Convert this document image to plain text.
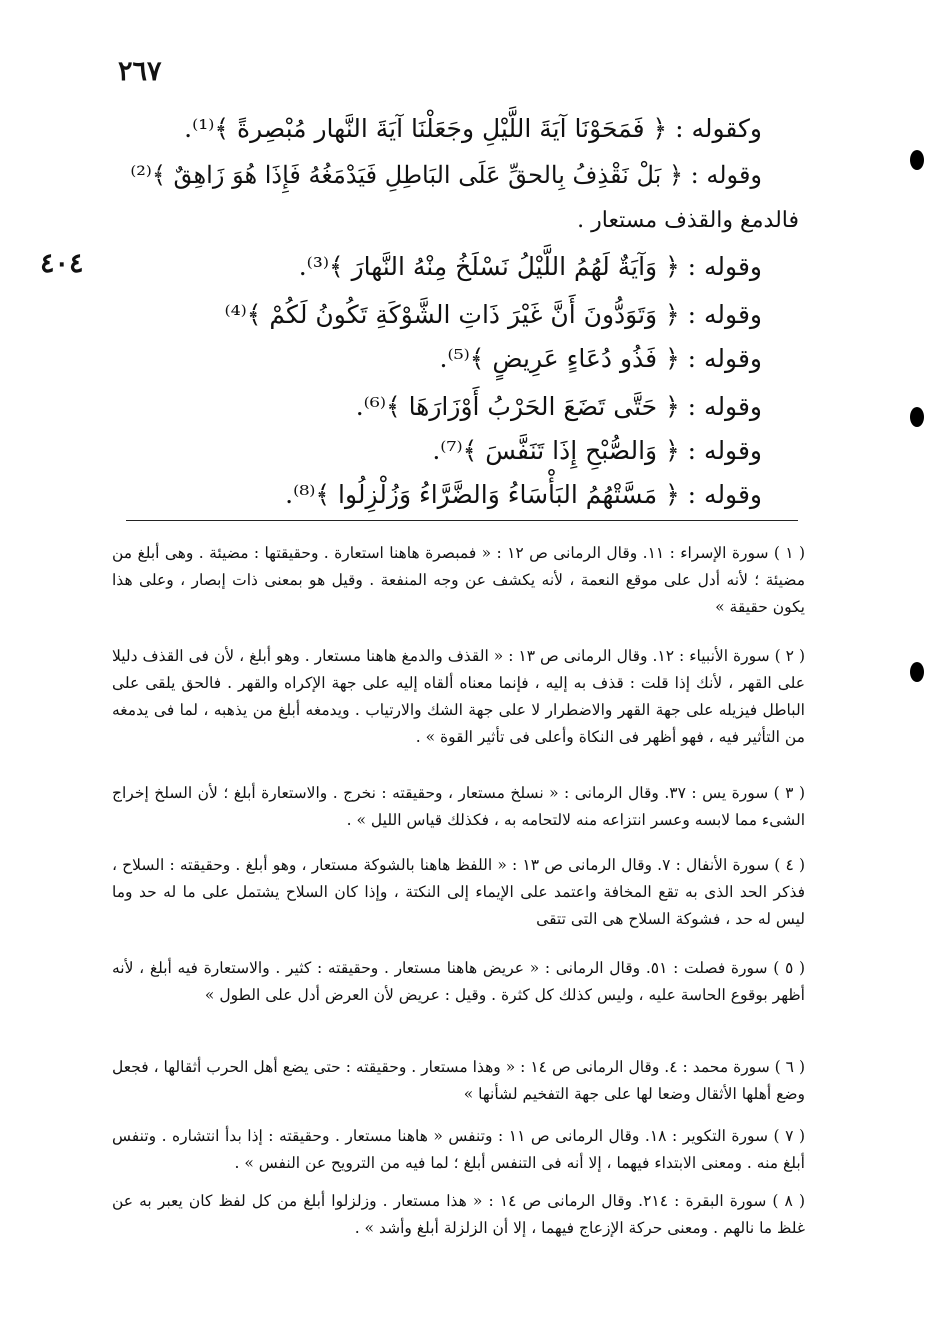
٢٦٧
٤٠٤
وكقوله : ﴿ فَمَحَوْنَا آيَةَ اللَّيْلِ وجَعَلْنَا آيَةَ النَّهار مُبْصِرةً ﴾⁽¹⁾.
وقوله : ﴿ بَلْ نَقْذِفُ بِالحقِّ عَلَى البَاطِلِ فَيَدْمَغُهُ فَإِذَا هُوَ زَاهِقٌ ﴾⁽²⁾
فالدمغ والقذف مستعار .
وقوله : ﴿ وَآيَةٌ لَهُمُ اللَّيْلُ نَسْلَخُ مِنْهُ النَّهارَ ﴾⁽³⁾.
وقوله : ﴿ وَتَوَدُّونَ أَنَّ غَيْرَ ذَاتِ الشَّوْكَةِ تَكُونُ لَكُمْ ﴾⁽⁴⁾
وقوله : ﴿ فَذُو دُعَاءٍ عَرِيضٍ ﴾⁽⁵⁾.
وقوله : ﴿ حَتَّى تَضَعَ الحَرْبُ أَوْزَارَهَا ﴾⁽⁶⁾.
وقوله : ﴿ وَالصُّبْحِ إِذَا تَنَفَّسَ ﴾⁽⁷⁾.
وقوله : ﴿ مَسَّتْهُمُ البَأْسَاءُ وَالضَّرَّاءُ وَزُلْزِلُوا ﴾⁽⁸⁾.
( ١ ) سورة الإسراء : ١١. وقال الرمانى ص ١٢ : « فمبصرة هاهنا استعارة . وحقيقتها : مضيئة . وهى أبلغ من مضيئة ؛ لأنه أدل على موقع النعمة ، لأنه يكشف عن وجه المنفعة . وقيل هو بمعنى ذات إبصار ، وعلى هذا يكون حقيقة »
( ٢ ) سورة الأنبياء : ١٢. وقال الرمانى ص ١٣ : « القذف والدمغ هاهنا مستعار . وهو أبلغ ، لأن فى القذف دليلا على القهر ، لأنك إذا قلت : قذف به إليه ، فإنما معناه ألقاه إليه على جهة الإكراه والقهر . فالحق يلقى على الباطل فيزيله على جهة القهر والاضطرار لا على جهة الشك والارتياب . ويدمغه أبلغ من يذهبه ، لما فى يدمغه من التأثير فيه ، فهو أظهر فى النكاة وأعلى فى تأثير القوة » .
( ٣ ) سورة يس : ٣٧. وقال الرمانى : « نسلخ مستعار ، وحقيقته : نخرج . والاستعارة أبلغ ؛ لأن السلخ إخراج الشىء مما لابسه وعسر انتزاعه منه لالتحامه به ، فكذلك قياس الليل » .
( ٤ ) سورة الأنفال : ٧. وقال الرمانى ص ١٣ : « اللفظ هاهنا بالشوكة مستعار ، وهو أبلغ . وحقيقته : السلاح ، فذكر الحد الذى به تقع المخافة واعتمد على الإيماء إلى النكتة ، وإذا كان السلاح يشتمل على ما له حد وما ليس له حد ، فشوكة السلاح هى التى تتقى
( ٥ ) سورة فصلت : ٥١. وقال الرمانى : « عريض هاهنا مستعار . وحقيقته : كثير . والاستعارة فيه أبلغ ، لأنه أظهر بوقوع الحاسة عليه ، وليس كذلك كل كثرة . وقيل : عريض لأن العرض أدل على الطول »
( ٦ ) سورة محمد : ٤. وقال الرمانى ص ١٤ : « وهذا مستعار . وحقيقته : حتى يضع أهل الحرب أثقالها ، فجعل وضع أهلها الأثقال وضعا لها على جهة التفخيم لشأنها »
( ٧ ) سورة التكوير : ١٨. وقال الرمانى ص ١١ : وتنفس « هاهنا مستعار . وحقيقته : إذا بدأ انتشاره . وتنفس أبلغ منه . ومعنى الابتداء فيهما ، إلا أنه فى التنفس أبلغ ؛ لما فيه من الترويح عن النفس » .
( ٨ ) سورة البقرة : ٢١٤. وقال الرمانى ص ١٤ : « هذا مستعار . وزلزلوا أبلغ من كل لفظ كان يعبر به عن غلظ ما نالهم . ومعنى حركة الإزعاج فيهما ، إلا أن الزلزلة أبلغ وأشد » .
